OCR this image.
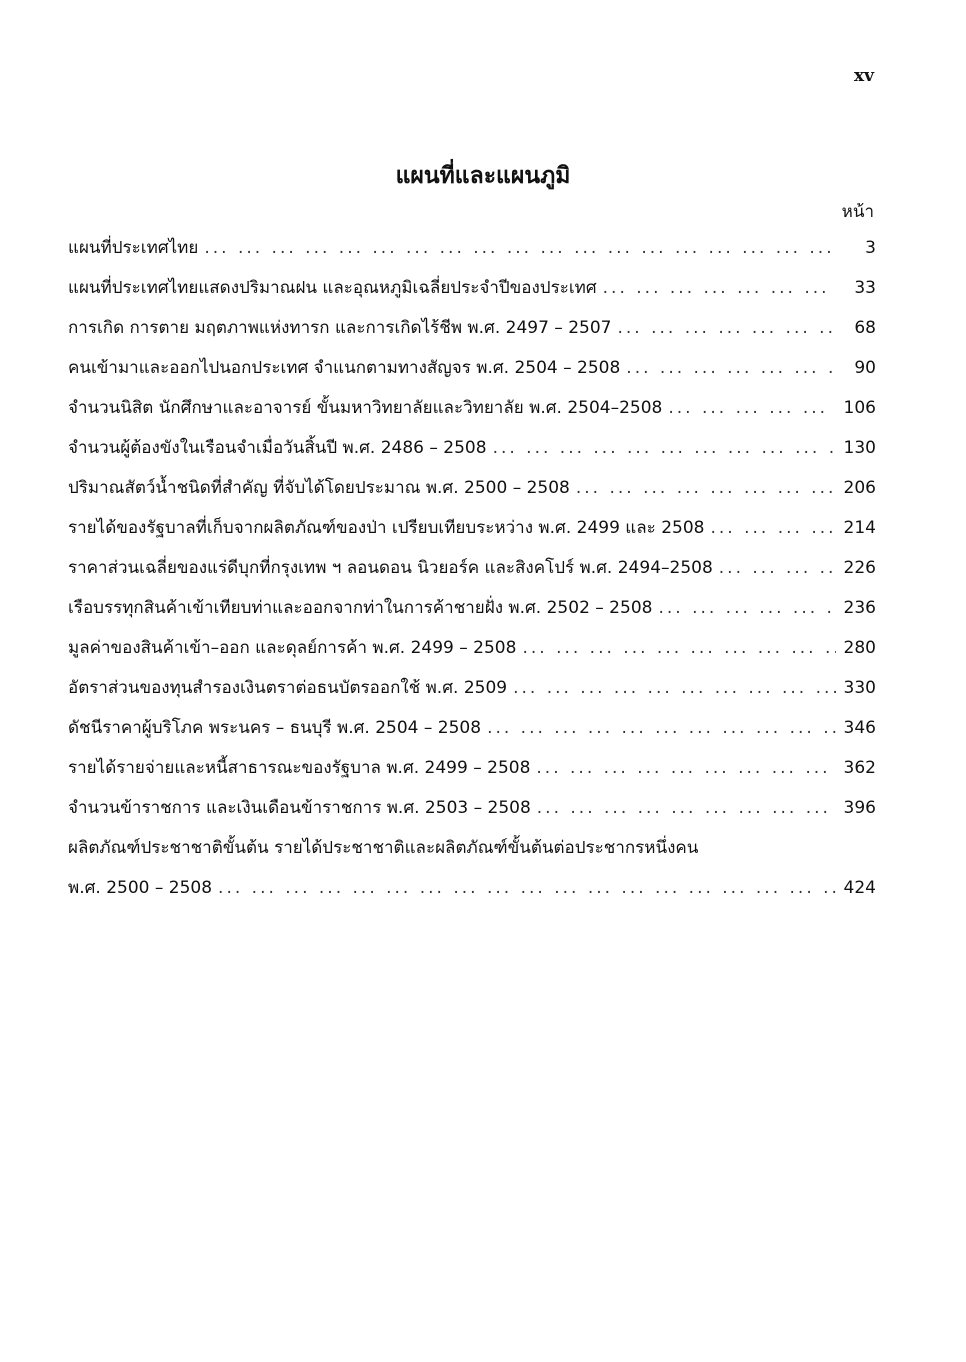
xv
แผนที่และแผนภูมิ
หน้า
แผนที่ประเทศไทย ... .	3
แผนที่ประเทศไทยแสดงปริมาณฝน และอุณหภูมิเฉลี่ยประจำปีของประเทศ ... .	33
การเกิด การตาย มฤตภาพแห่งทารก และการเกิดไร้ชีพ พ.ศ. 2497 – 2507 ... .	68
คนเข้ามาและออกไปนอกประเทศ จำแนกตามทางสัญจร พ.ศ. 2504 – 2508 ... .	90
จำนวนนิสิต นักศึกษาและอาจารย์ ขั้นมหาวิทยาลัยและวิทยาลัย พ.ศ. 2504–2508 ... .	106
จำนวนผู้ต้องขังในเรือนจำเมื่อวันสิ้นปี พ.ศ. 2486 – 2508 ... .	130
ปริมาณสัตว์น้ำชนิดที่สำคัญ ที่จับได้โดยประมาณ พ.ศ. 2500 – 2508 ... .	206
รายได้ของรัฐบาลที่เก็บจากผลิตภัณฑ์ของป่า เปรียบเทียบระหว่าง พ.ศ. 2499 และ 2508 ... .	214
ราคาส่วนเฉลี่ยของแร่ดีบุกที่กรุงเทพ ฯ ลอนดอน นิวยอร์ค และสิงคโปร์ พ.ศ. 2494–2508 ... .	226
เรือบรรทุกสินค้าเข้าเทียบท่าและออกจากท่าในการค้าชายฝั่ง พ.ศ. 2502 – 2508 ... .	236
มูลค่าของสินค้าเข้า–ออก และดุลย์การค้า พ.ศ. 2499 – 2508 ... .	280
อัตราส่วนของทุนสำรองเงินตราต่อธนบัตรออกใช้ พ.ศ. 2509 ... .	330
ดัชนีราคาผู้บริโภค พระนคร – ธนบุรี พ.ศ. 2504 – 2508 ... .	346
รายได้รายจ่ายและหนี้สาธารณะของรัฐบาล พ.ศ. 2499 – 2508 ... .	362
จำนวนข้าราชการ และเงินเดือนข้าราชการ พ.ศ. 2503 – 2508 ... .	396
ผลิตภัณฑ์ประชาชาติขั้นต้น รายได้ประชาชาติและผลิตภัณฑ์ขั้นต้นต่อประชากรหนึ่งคน
พ.ศ. 2500 – 2508 ... .	424
